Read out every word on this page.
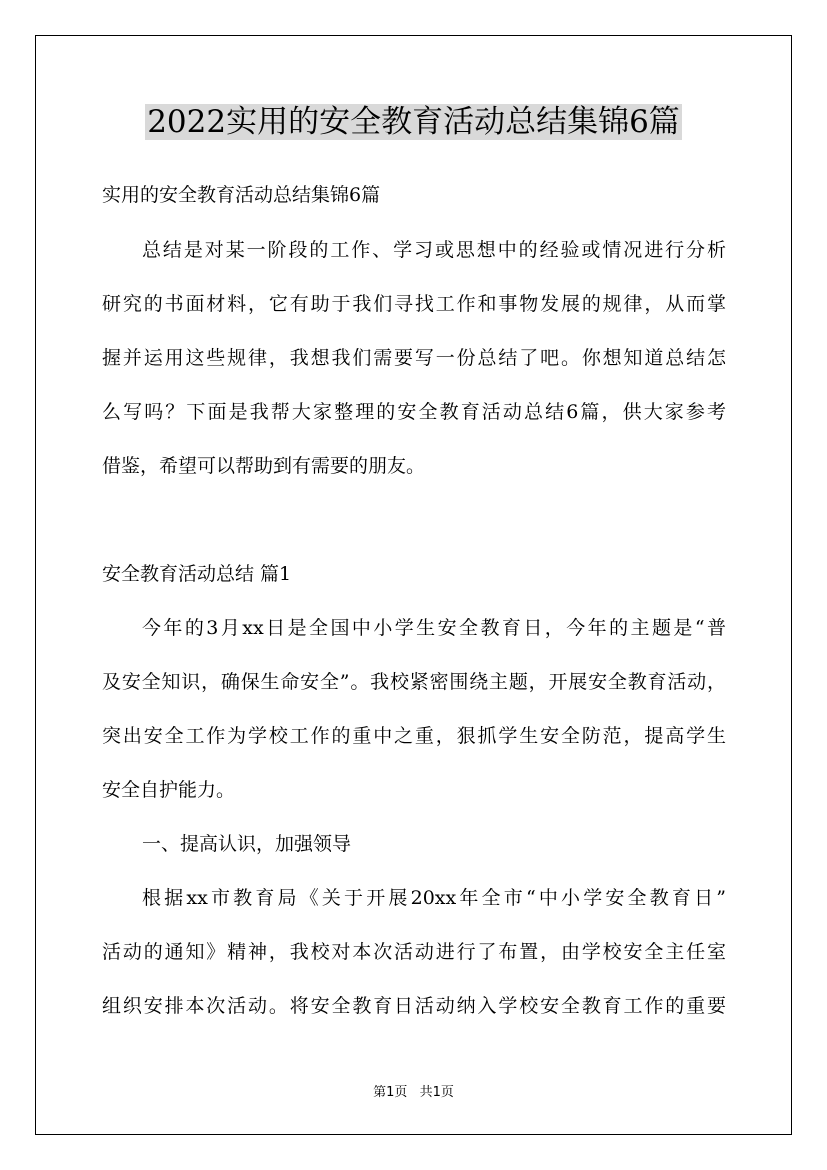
2022实用的安全教育活动总结集锦6篇
实用的安全教育活动总结集锦6篇
总结是对某一阶段的工作、学习或思想中的经验或情况进行分析
研究的书面材料，它有助于我们寻找工作和事物发展的规律，从而掌
握并运用这些规律，我想我们需要写一份总结了吧。你想知道总结怎
么写吗？下面是我帮大家整理的安全教育活动总结6篇，供大家参考
借鉴，希望可以帮助到有需要的朋友。
安全教育活动总结 篇1
今年的3月xx日是全国中小学生安全教育日，今年的主题是“普
及安全知识，确保生命安全”。我校紧密围绕主题，开展安全教育活动，
突出安全工作为学校工作的重中之重，狠抓学生安全防范，提高学生
安全自护能力。
一、提高认识，加强领导
根据xx市教育局《关于开展20xx年全市“中小学安全教育日”
活动的通知》精神，我校对本次活动进行了布置，由学校安全主任室
组织安排本次活动。将安全教育日活动纳入学校安全教育工作的重要
第1页 共1页
